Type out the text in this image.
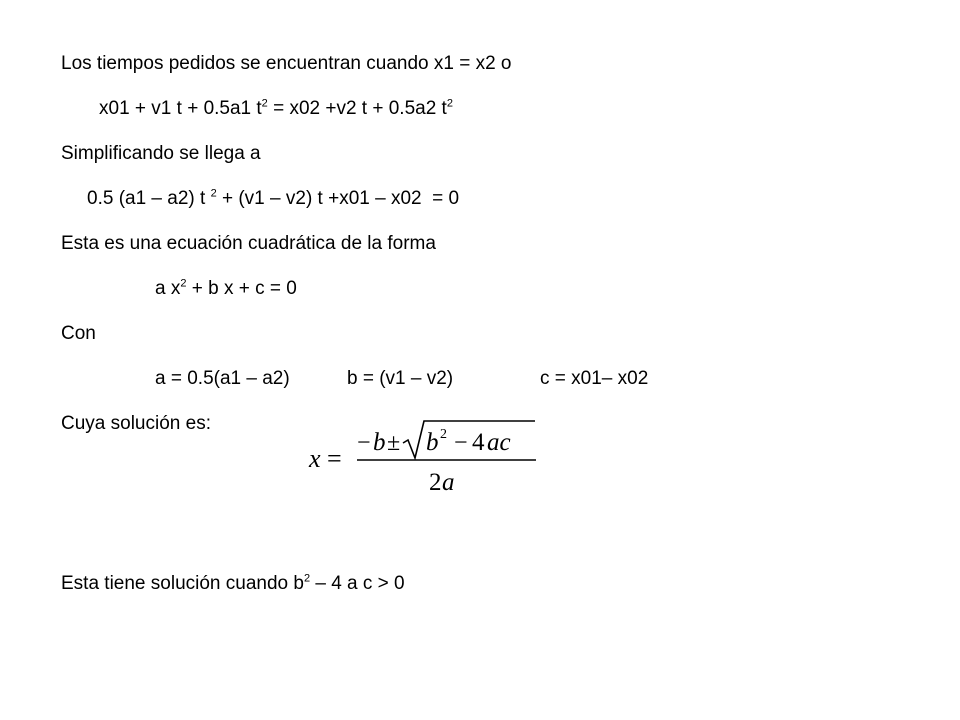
Los tiempos pedidos se encuentran cuando x1 = x2 o
x01 + v1 t + 0.5a1 $t^2 = x02 +v2$ t + 0.5a2 $t^2$
Simplificando se llega a
0.5 (a1 – a2) t $^2$ + (v1 – v2) t +x01 – x02  = 0
Esta es una ecuación cuadrática de la forma
a $x^2 + b$ x + c = 0
Con
a = 0.5(a1 – a2)	b = (v1 – v2)	c = x01– x02
Cuya solución es:
x =
− b ± b 2 − 4 ac
2 a
Esta tiene solución cuando $b^2 - 4$ a c > 0
